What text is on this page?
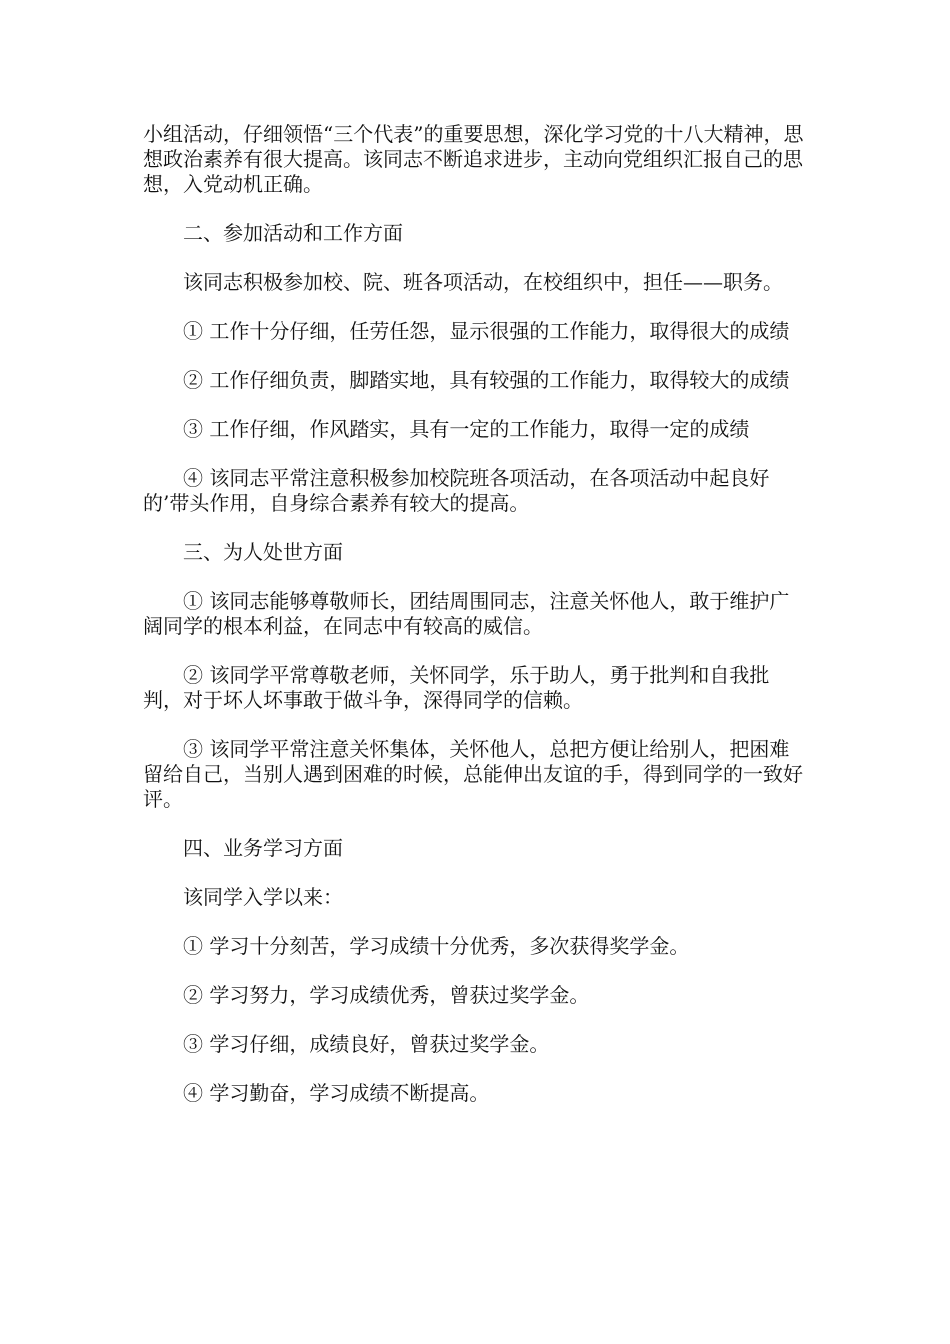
小组活动，仔细领悟“三个代表”的重要思想，深化学习党的十八大精神，思想政治素养有很大提高。该同志不断追求进步，主动向党组织汇报自己的思想，入党动机正确。

二、参加活动和工作方面

该同志积极参加校、院、班各项活动，在校组织中，担任——职务。

① 工作十分仔细，任劳任怨，显示很强的工作能力，取得很大的成绩

② 工作仔细负责，脚踏实地，具有较强的工作能力，取得较大的成绩

③ 工作仔细，作风踏实，具有一定的工作能力，取得一定的成绩

④ 该同志平常注意积极参加校院班各项活动，在各项活动中起良好的’带头作用，自身综合素养有较大的提高。

三、为人处世方面

① 该同志能够尊敬师长，团结周围同志，注意关怀他人，敢于维护广阔同学的根本利益，在同志中有较高的威信。

② 该同学平常尊敬老师，关怀同学，乐于助人，勇于批判和自我批判，对于坏人坏事敢于做斗争，深得同学的信赖。

③ 该同学平常注意关怀集体，关怀他人，总把方便让给别人，把困难留给自己，当别人遇到困难的时候，总能伸出友谊的手，得到同学的一致好评。

四、业务学习方面

该同学入学以来：

① 学习十分刻苦，学习成绩十分优秀，多次获得奖学金。

② 学习努力，学习成绩优秀，曾获过奖学金。

③ 学习仔细，成绩良好，曾获过奖学金。

④ 学习勤奋，学习成绩不断提高。
